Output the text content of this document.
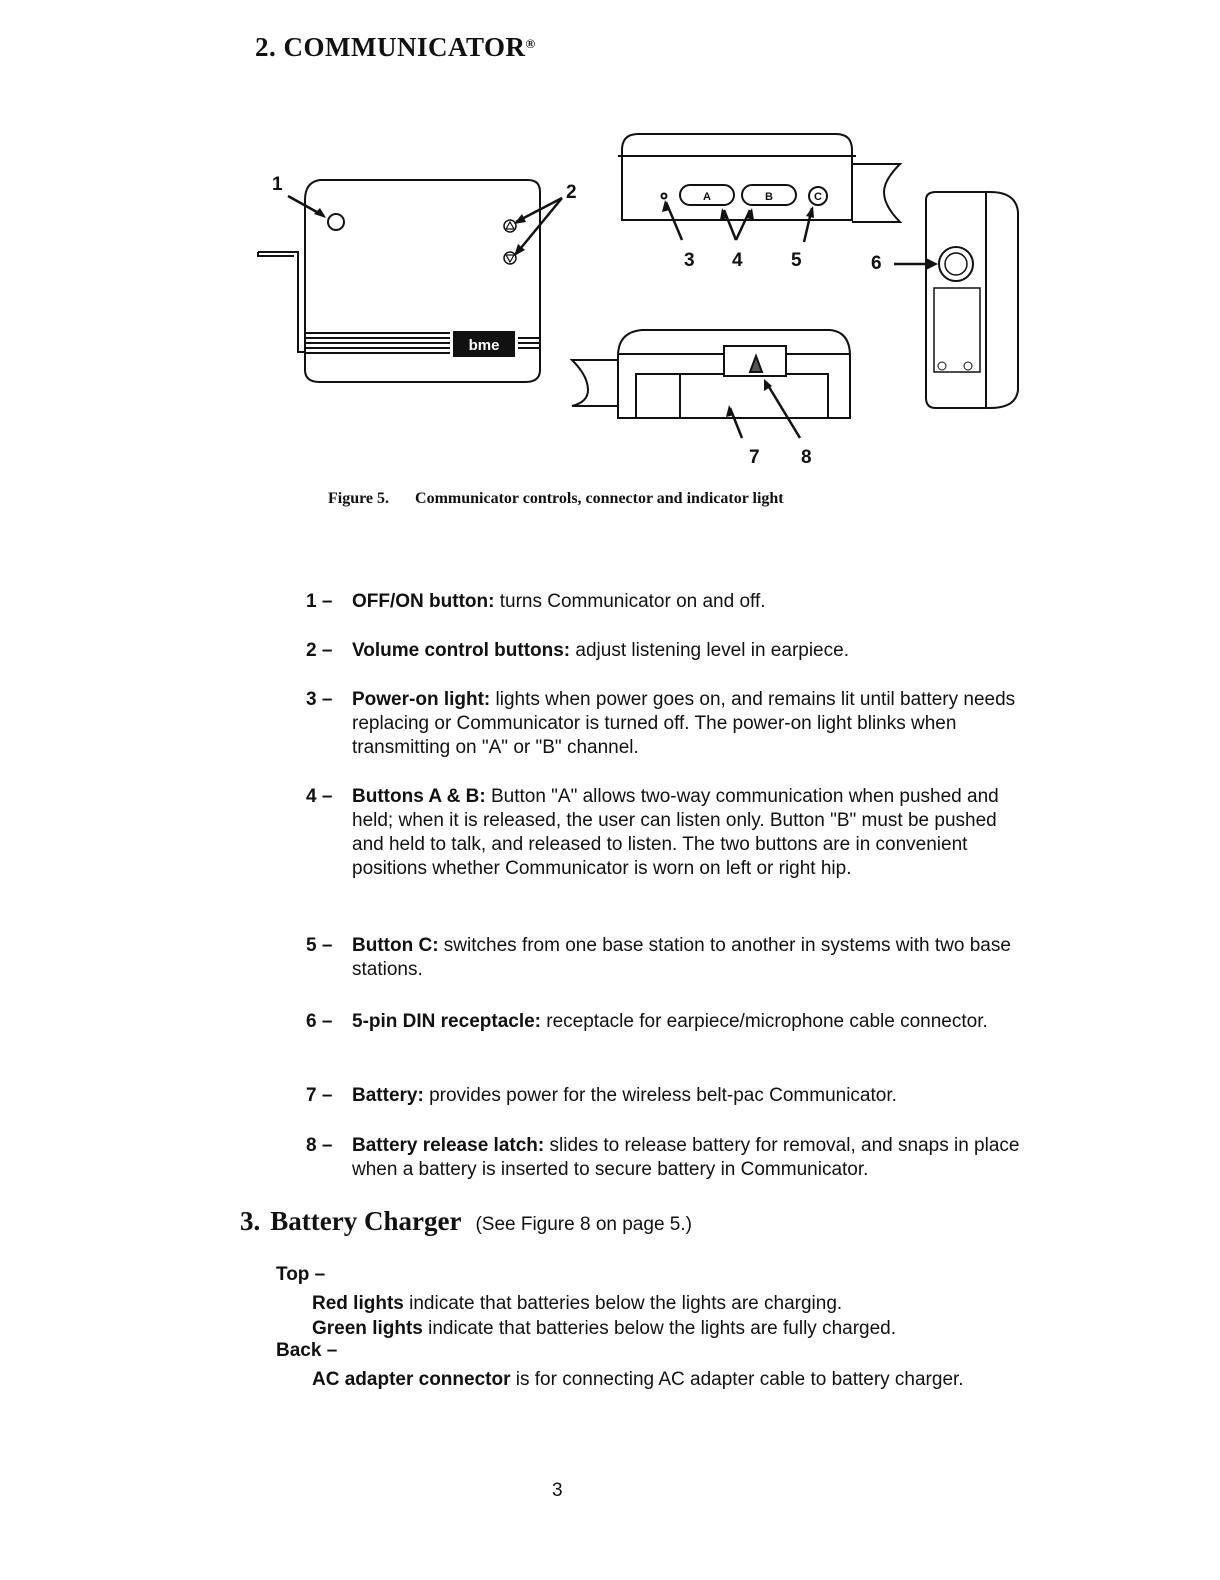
2. COMMUNICATOR®
1	2
3 4	5	6
7 8
A	B	C
bme
Figure 5. Communicator controls, connector and indicator light
1 –	OFF/ON button: turns Communicator on and off.
2 –	Volume control buttons: adjust listening level in earpiece.
3 –	Power-on light: lights when power goes on, and remains lit until battery needs replacing or Communicator is turned off. The power-on light blinks when transmitting on "A" or "B" channel.
4 –	Buttons A & B: Button "A" allows two-way communication when pushed and held; when it is released, the user can listen only. Button "B" must be pushed and held to talk, and released to listen. The two buttons are in convenient positions whether Communicator is worn on left or right hip.
5 –	Button C: switches from one base station to another in systems with two base stations.
6 –	5-pin DIN receptacle: receptacle for earpiece/microphone cable connector.
7 –	Battery: provides power for the wireless belt-pac Communicator.
8 –	Battery release latch: slides to release battery for removal, and snaps in place when a battery is inserted to secure battery in Communicator.
3. Battery Charger (See Figure 8 on page 5.)
Top –
Red lights indicate that batteries below the lights are charging.
Green lights indicate that batteries below the lights are fully charged.
Back –
AC adapter connector is for connecting AC adapter cable to battery charger.
3
